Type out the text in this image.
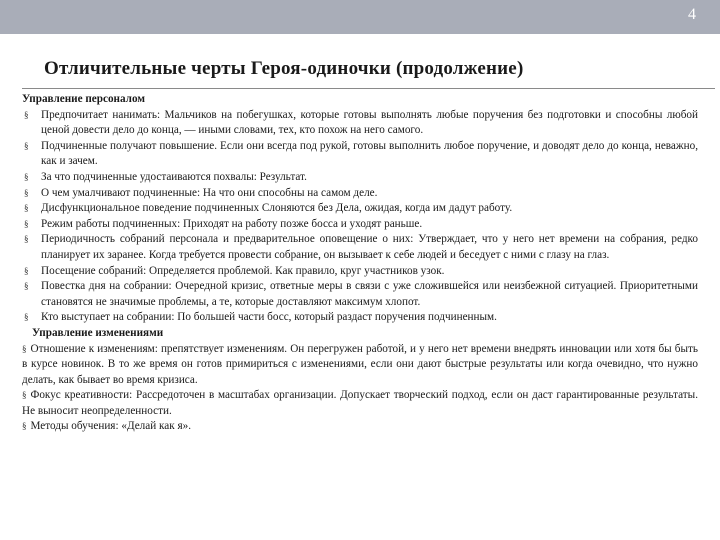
4
Отличительные черты Героя-одиночки (продолжение)

Управление персоналом

§ Предпочитает нанимать: Мальчиков на побегушках, которые готовы выполнять любые поручения без подготовки и способны любой ценой довести дело до конца, — иными словами, тех, кто похож на него самого.
§ Подчиненные получают повышение. Если они всегда под рукой, готовы выполнить любое поручение, и доводят дело до конца, неважно, как и зачем.
§ За что подчиненные удостаиваются похвалы: Результат.
§ О чем умалчивают подчиненные: На что они способны на самом деле.
§ Дисфункциональное поведение подчиненных Слоняются без Дела, ожидая, когда им дадут работу.
§ Режим работы подчиненных: Приходят на работу позже босса и уходят раньше.
§ Периодичность собраний персонала и предварительное оповещение о них: Утверждает, что у него нет времени на собрания, редко планирует их заранее. Когда требуется провести собрание, он вызывает к себе людей и беседует с ними с глазу на глаз.
§ Посещение собраний: Определяется проблемой. Как правило, круг участников узок.
§ Повестка дня на собрании: Очередной кризис, ответные меры в связи с уже сложившейся или неизбежной ситуацией. Приоритетными становятся не значимые проблемы, а те, которые доставляют максимум хлопот.
§ Кто выступает на собрании: По большей части босс, который раздаст поручения подчиненным.

Управление изменениями

§ Отношение к изменениям: препятствует изменениям. Он перегружен работой, и у него нет времени внедрять инновации или хотя бы быть в курсе новинок. В то же время он готов примириться с изменениями, если они дают быстрые результаты или когда очевидно, что нужно делать, как бывает во время кризиса.
§ Фокус креативности: Рассредоточен в масштабах организации. Допускает творческий подход, если он даст гарантированные результаты. Не выносит неопределенности.
§ Методы обучения: «Делай как я».
